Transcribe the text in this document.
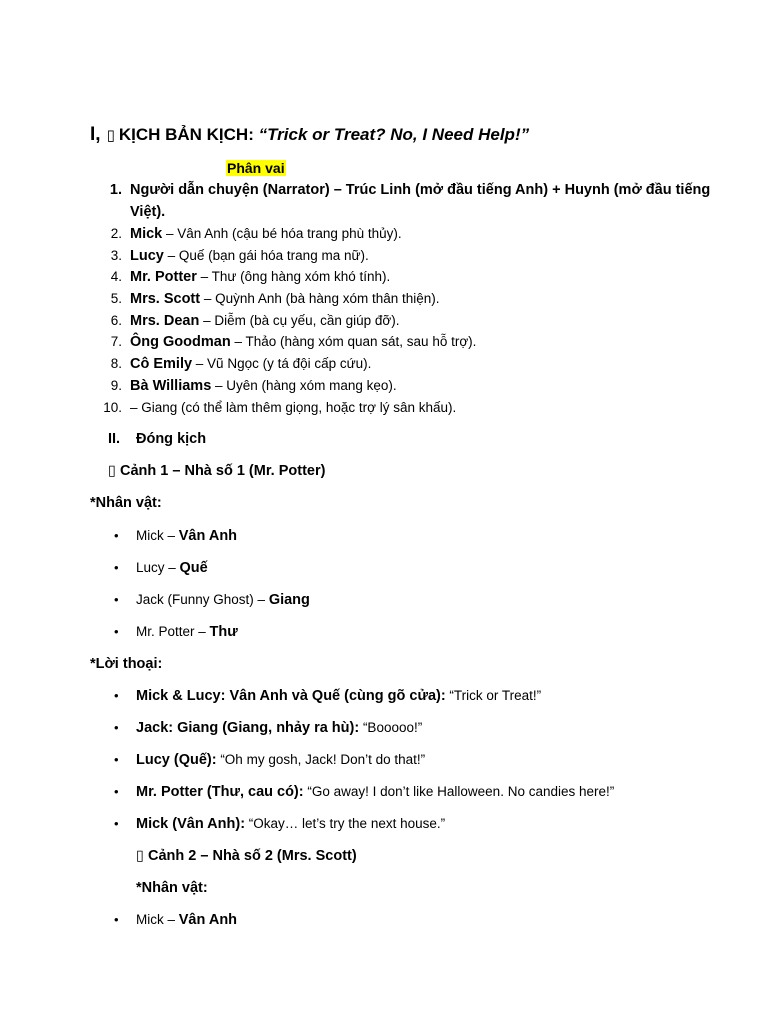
I, ▯ KỊCH BẢN KỊCH: “Trick or Treat? No, I Need Help!”
Phân vai
1. Người dẫn chuyện (Narrator) – Trúc Linh (mở đầu tiếng Anh) + Huynh (mở đầu tiếng
Việt).
2. Mick – Vân Anh (cậu bé hóa trang phù thủy).
3. Lucy – Quế (bạn gái hóa trang ma nữ).
4. Mr. Potter – Thư (ông hàng xóm khó tính).
5. Mrs. Scott – Quỳnh Anh (bà hàng xóm thân thiện).
6. Mrs. Dean – Diễm (bà cụ yếu, cần giúp đỡ).
7. Ông Goodman – Thảo (hàng xóm quan sát, sau hỗ trợ).
8. Cô Emily – Vũ Ngọc (y tá đội cấp cứu).
9. Bà Williams – Uyên (hàng xóm mang kẹo).
10. – Giang (có thể làm thêm giọng, hoặc trợ lý sân khấu).
II. Đóng kịch
▯ Cảnh 1 – Nhà số 1 (Mr. Potter)
*Nhân vật:
• Mick – Vân Anh
• Lucy – Quế
• Jack (Funny Ghost) – Giang
• Mr. Potter – Thư
*Lời thoại:
• Mick & Lucy: Vân Anh và Quế (cùng gõ cửa): “Trick or Treat!”
• Jack: Giang (Giang, nhảy ra hù): “Booooo!”
• Lucy (Quế): “Oh my gosh, Jack! Don’t do that!”
• Mr. Potter (Thư, cau có): “Go away! I don’t like Halloween. No candies here!”
• Mick (Vân Anh): “Okay… let’s try the next house.”
▯ Cảnh 2 – Nhà số 2 (Mrs. Scott)
*Nhân vật:
• Mick – Vân Anh
